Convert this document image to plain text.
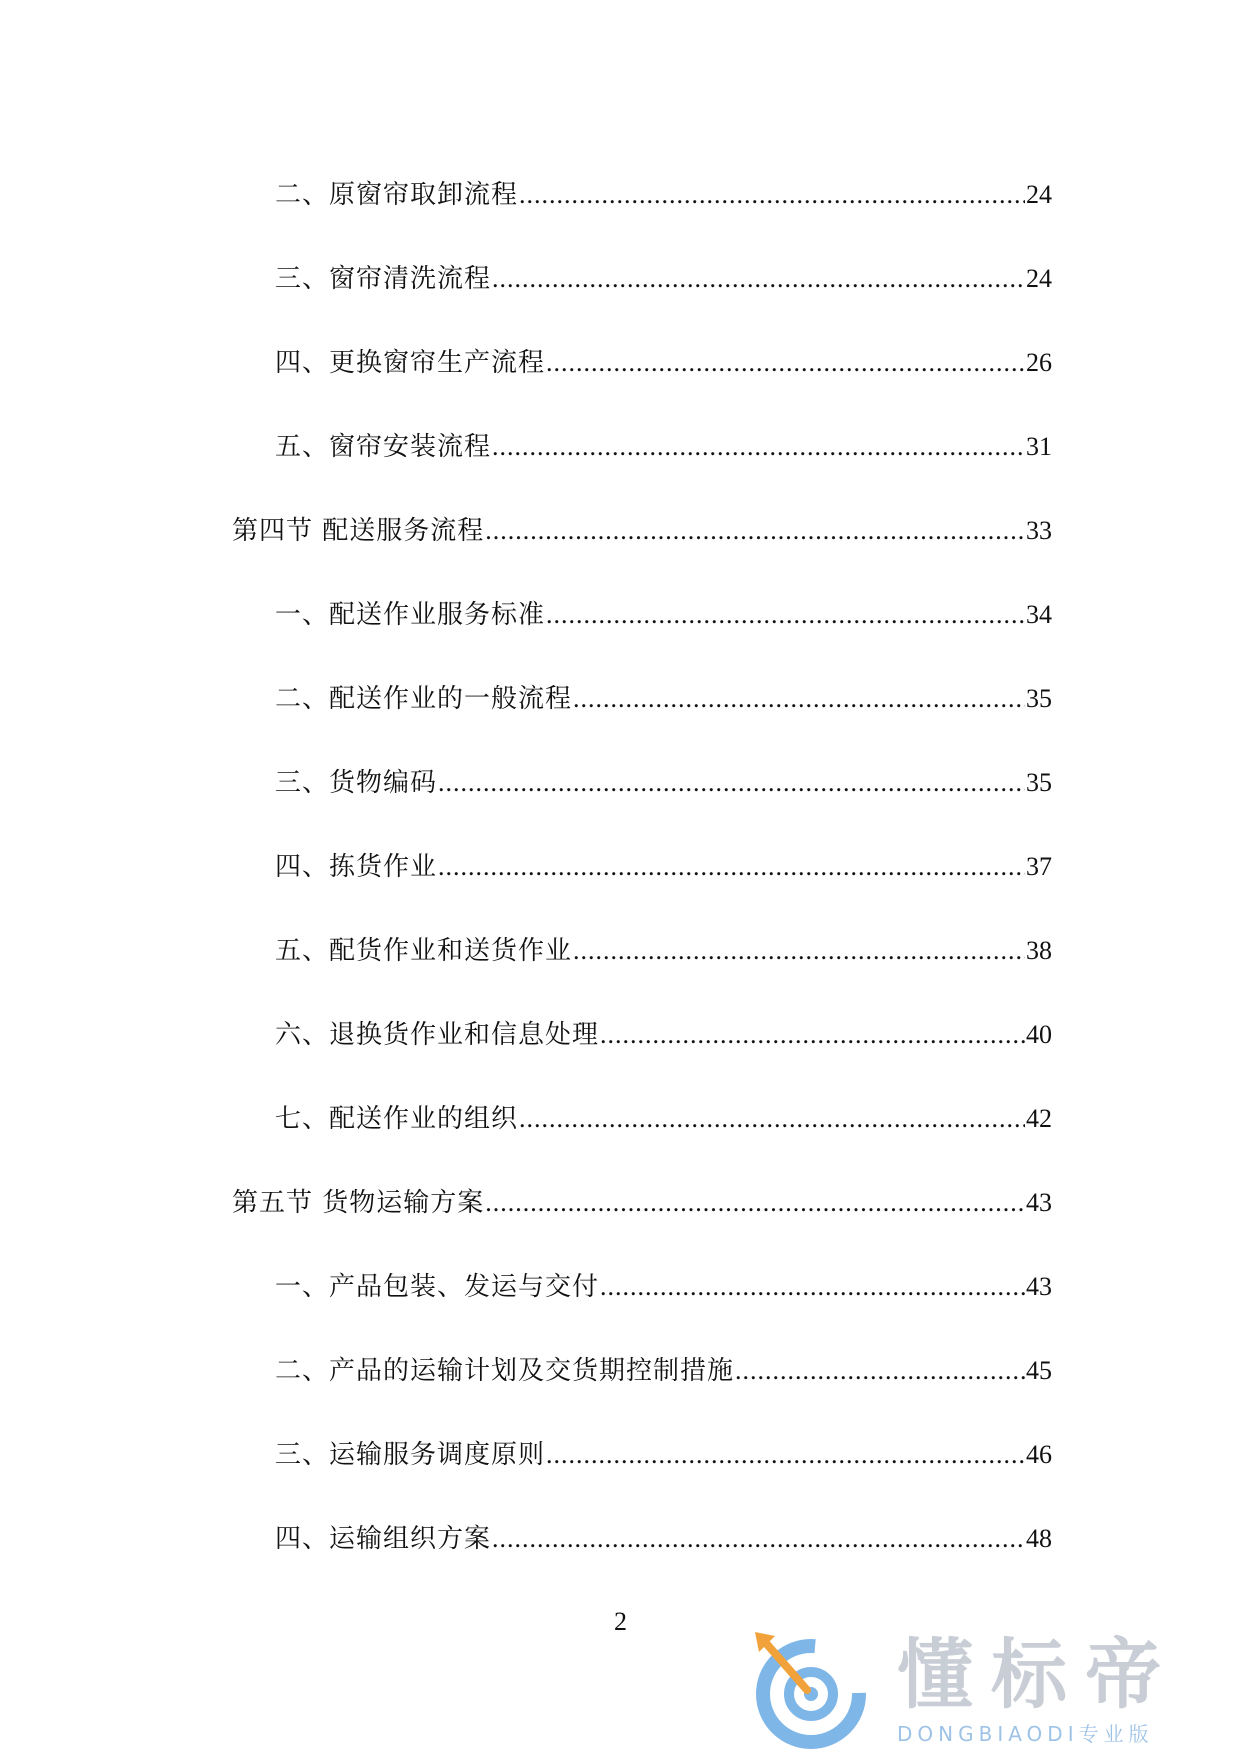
二、原窗帘取卸流程 .....	24
三、窗帘清洗流程 .....	24
四、更换窗帘生产流程 .....	26
五、窗帘安装流程 .....	31
第四节 配送服务流程 .....	33
一、配送作业服务标准 .....	34
二、配送作业的一般流程 .....	35
三、货物编码 .....	35
四、拣货作业 .....	37
五、配货作业和送货作业 .....	38
六、退换货作业和信息处理 .....	40
七、配送作业的组织 .....	42
第五节 货物运输方案 .....	43
一、产品包装、发运与交付 .....	43
二、产品的运输计划及交货期控制措施 .....	45
三、运输服务调度原则 .....	46
四、运输组织方案 .....	48
2
懂标帝
DONGBIAODI专业版
